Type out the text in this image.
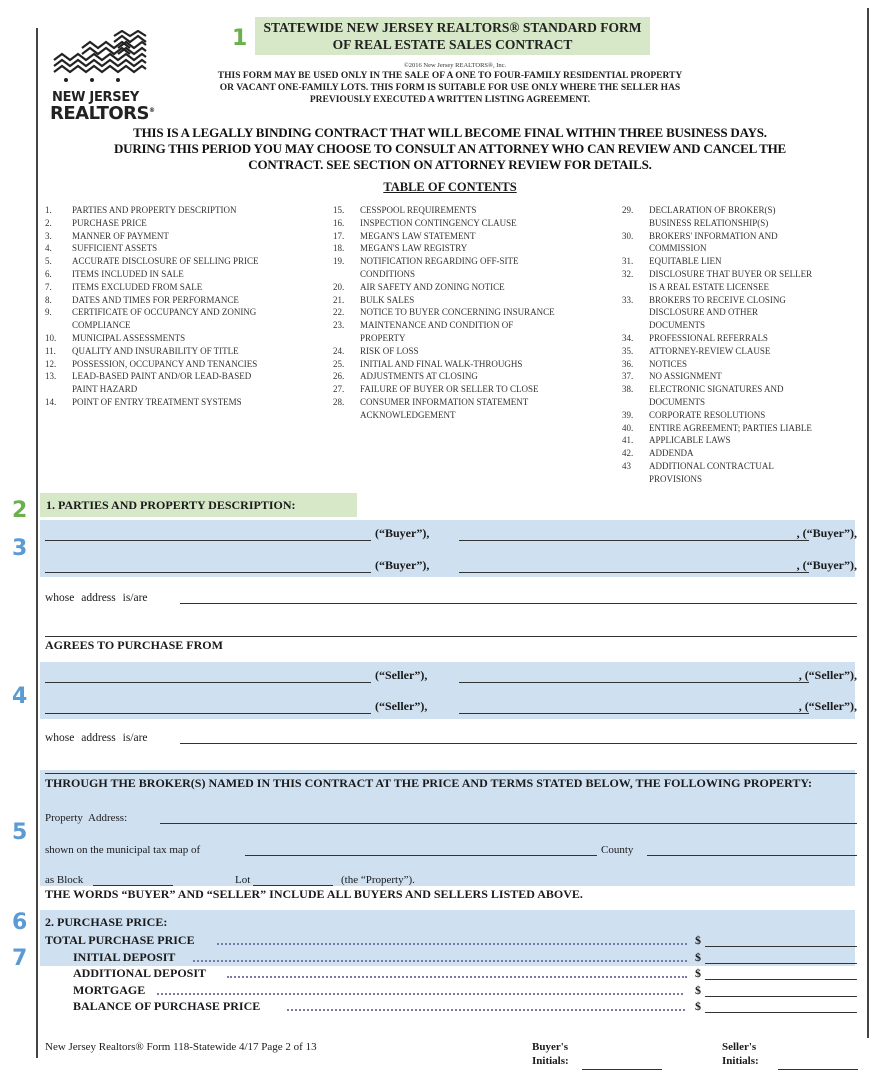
1
2
3
4
5
6
7
NEW JERSEY
REALTORS®
STATEWIDE NEW JERSEY REALTORS® STANDARD FORM
OF REAL ESTATE SALES CONTRACT
©2016 New Jersey REALTORS®, Inc.
THIS FORM MAY BE USED ONLY IN THE SALE OF A ONE TO FOUR-FAMILY RESIDENTIAL PROPERTY
OR VACANT ONE-FAMILY LOTS. THIS FORM IS SUITABLE FOR USE ONLY WHERE THE SELLER HAS
PREVIOUSLY EXECUTED A WRITTEN LISTING AGREEMENT.
THIS IS A LEGALLY BINDING CONTRACT THAT WILL BECOME FINAL WITHIN THREE BUSINESS DAYS.
DURING THIS PERIOD YOU MAY CHOOSE TO CONSULT AN ATTORNEY WHO CAN REVIEW AND CANCEL THE
CONTRACT. SEE SECTION ON ATTORNEY REVIEW FOR DETAILS.
TABLE OF CONTENTS
1.	PARTIES AND PROPERTY DESCRIPTION
2.	PURCHASE PRICE
3.	MANNER OF PAYMENT
4.	SUFFICIENT ASSETS
5.	ACCURATE DISCLOSURE OF SELLING PRICE
6.	ITEMS INCLUDED IN SALE
7.	ITEMS EXCLUDED FROM SALE
8.	DATES AND TIMES FOR PERFORMANCE
9.	CERTIFICATE OF OCCUPANCY AND ZONING COMPLIANCE
10.	MUNICIPAL ASSESSMENTS
11.	QUALITY AND INSURABILITY OF TITLE
12.	POSSESSION, OCCUPANCY AND TENANCIES
13.	LEAD-BASED PAINT AND/OR LEAD-BASED PAINT HAZARD
14.	POINT OF ENTRY TREATMENT SYSTEMS
15.	CESSPOOL REQUIREMENTS
16.	INSPECTION CONTINGENCY CLAUSE
17.	MEGAN'S LAW STATEMENT
18.	MEGAN'S LAW REGISTRY
19.	NOTIFICATION REGARDING OFF-SITE CONDITIONS
20.	AIR SAFETY AND ZONING NOTICE
21.	BULK SALES
22.	NOTICE TO BUYER CONCERNING INSURANCE
23.	MAINTENANCE AND CONDITION OF PROPERTY
24.	RISK OF LOSS
25.	INITIAL AND FINAL WALK-THROUGHS
26.	ADJUSTMENTS AT CLOSING
27.	FAILURE OF BUYER OR SELLER TO CLOSE
28.	CONSUMER INFORMATION STATEMENT ACKNOWLEDGEMENT
29.	DECLARATION OF BROKER(S) BUSINESS RELATIONSHIP(S)
30.	BROKERS' INFORMATION AND COMMISSION
31.	EQUITABLE LIEN
32.	DISCLOSURE THAT BUYER OR SELLER IS A REAL ESTATE LICENSEE
33.	BROKERS TO RECEIVE CLOSING DISCLOSURE AND OTHER DOCUMENTS
34.	PROFESSIONAL REFERRALS
35.	ATTORNEY-REVIEW CLAUSE
36.	NOTICES
37.	NO ASSIGNMENT
38.	ELECTRONIC SIGNATURES AND DOCUMENTS
39.	CORPORATE RESOLUTIONS
40.	ENTIRE AGREEMENT; PARTIES LIABLE
41.	APPLICABLE LAWS
42.	ADDENDA
43	ADDITIONAL CONTRACTUAL PROVISIONS
1. PARTIES AND PROPERTY DESCRIPTION:
(“Buyer”),	, (“Buyer”),
(“Buyer”),	, (“Buyer”),
whose address is/are
AGREES TO PURCHASE FROM
(“Seller”),	, (“Seller”),
(“Seller”),	, (“Seller”),
whose address is/are
THROUGH THE BROKER(S) NAMED IN THIS CONTRACT AT THE PRICE AND TERMS STATED BELOW, THE FOLLOWING PROPERTY:
Property Address:
shown on the municipal tax map of	County
as Block	Lot	(the “Property”).
THE WORDS “BUYER” AND “SELLER” INCLUDE ALL BUYERS AND SELLERS LISTED ABOVE.
2. PURCHASE PRICE:
TOTAL PURCHASE PRICE	$
INITIAL DEPOSIT	$
ADDITIONAL DEPOSIT	$
MORTGAGE	$
BALANCE OF PURCHASE PRICE	$
New Jersey Realtors® Form 118-Statewide 4/17 Page 2 of 13	Buyer's
Initials:
Seller's
Initials:
